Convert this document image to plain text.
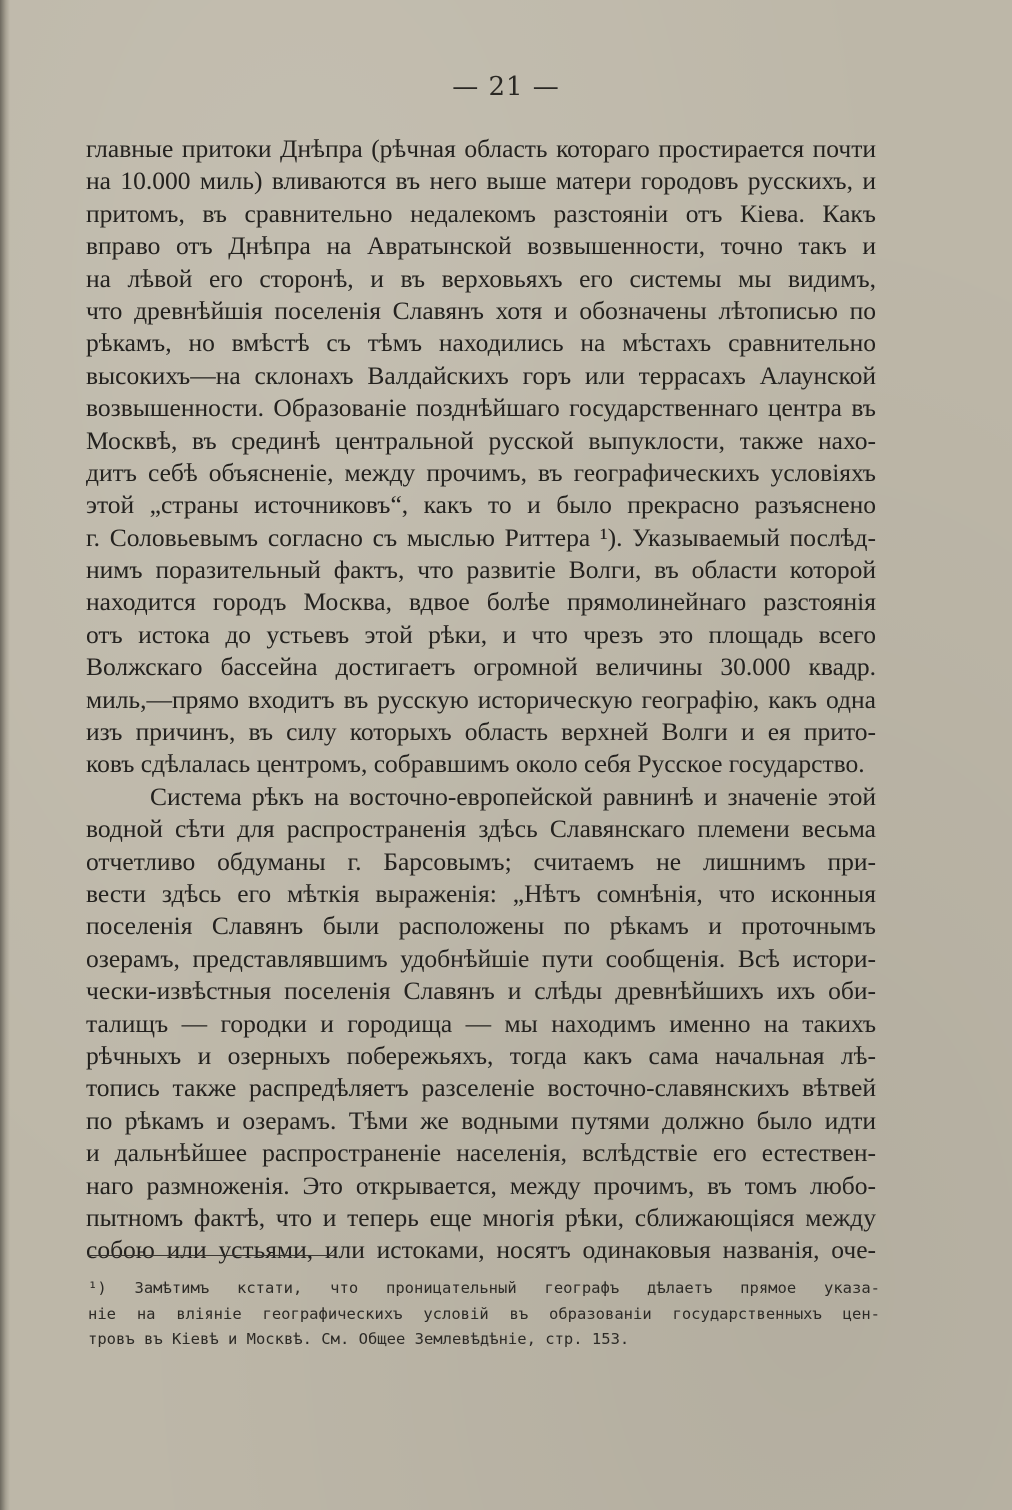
— 21 —
главные притоки Днѣпра (рѣчная область котораго простирается почти
на 10.000 миль) вливаются въ него выше матери городовъ русскихъ, и
притомъ, въ сравнительно недалекомъ разстояніи отъ Кіева. Какъ
вправо отъ Днѣпра на Авратынской возвышенности, точно такъ и
на лѣвой его сторонѣ, и въ верховьяхъ его системы мы видимъ,
что древнѣйшія поселенія Славянъ хотя и обозначены лѣтописью по
рѣкамъ, но вмѣстѣ съ тѣмъ находились на мѣстахъ сравнительно
высокихъ—на склонахъ Валдайскихъ горъ или террасахъ Алаунской
возвышенности. Образованіе позднѣйшаго государственнаго центра въ
Москвѣ, въ срединѣ центральной русской выпуклости, также нахо-
дитъ себѣ объясненіе, между прочимъ, въ географическихъ условіяхъ
этой „страны источниковъ“, какъ то и было прекрасно разъяснено
г. Соловьевымъ согласно съ мыслью Риттера ¹). Указываемый послѣд-
нимъ поразительный фактъ, что развитіе Волги, въ области которой
находится городъ Москва, вдвое болѣе прямолинейнаго разстоянія
отъ истока до устьевъ этой рѣки, и что чрезъ это площадь всего
Волжскаго бассейна достигаетъ огромной величины 30.000 квадр.
миль,—прямо входитъ въ русскую историческую географію, какъ одна
изъ причинъ, въ силу которыхъ область верхней Волги и ея прито-
ковъ сдѣлалась центромъ, собравшимъ около себя Русское государство.
Система рѣкъ на восточно-европейской равнинѣ и значеніе этой
водной сѣти для распространенія здѣсь Славянскаго племени весьма
отчетливо обдуманы г. Барсовымъ; считаемъ не лишнимъ при-
вести здѣсь его мѣткія выраженія: „Нѣтъ сомнѣнія, что исконныя
поселенія Славянъ были расположены по рѣкамъ и проточнымъ
озерамъ, представлявшимъ удобнѣйшіе пути сообщенія. Всѣ истори-
чески-извѣстныя поселенія Славянъ и слѣды древнѣйшихъ ихъ оби-
талищъ — городки и городища — мы находимъ именно на такихъ
рѣчныхъ и озерныхъ побережьяхъ, тогда какъ сама начальная лѣ-
топись также распредѣляетъ разселеніе восточно-славянскихъ вѣтвей
по рѣкамъ и озерамъ. Тѣми же водными путями должно было идти
и дальнѣйшее распространеніе населенія, вслѣдствіе его естествен-
наго размноженія. Это открывается, между прочимъ, въ томъ любо-
пытномъ фактѣ, что и теперь еще многія рѣки, сближающіяся между
собою или устьями, или истоками, носятъ одинаковыя названія, оче-
¹) Замѣтимъ кстати, что проницательный географъ дѣлаетъ прямое указа-
ніе на вліяніе географическихъ условій въ образованіи государственныхъ цен-
тровъ въ Кіевѣ и Москвѣ. См. Общее Землевѣдѣніе, стр. 153.
